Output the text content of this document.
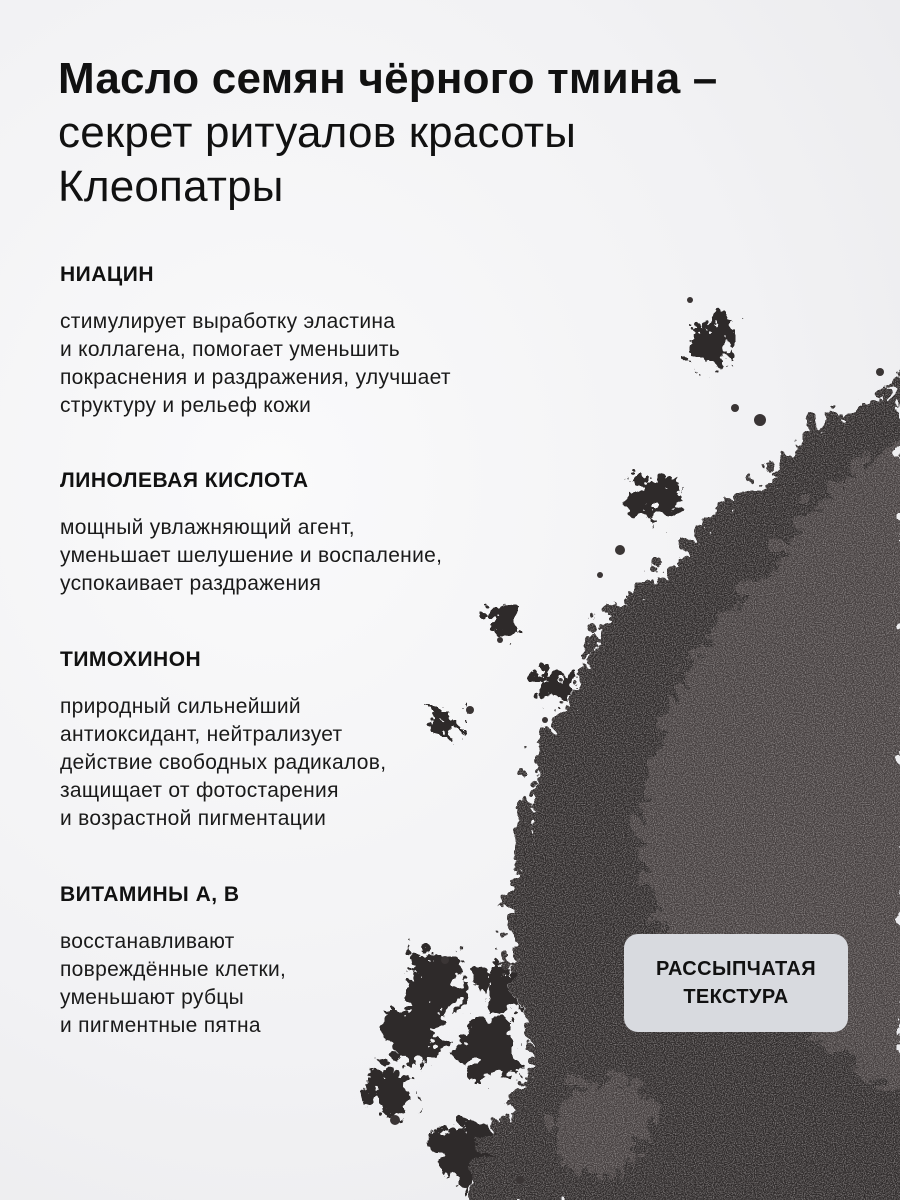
Масло семян чёрного тмина –
секрет ритуалов красоты
Клеопатры
НИАЦИН

стимулирует выработку эластина
и коллагена, помогает уменьшить
покраснения и раздражения, улучшает
структуру и рельеф кожи

ЛИНОЛЕВАЯ КИСЛОТА

мощный увлажняющий агент,
уменьшает шелушение и воспаление,
успокаивает раздражения

ТИМОХИНОН

природный сильнейший
антиоксидант, нейтрализует
действие свободных радикалов,
защищает от фотостарения
и возрастной пигментации

ВИТАМИНЫ А, В

восстанавливают
повреждённые клетки,
уменьшают рубцы
и пигментные пятна

РАССЫПЧАТАЯ
ТЕКСТУРА
